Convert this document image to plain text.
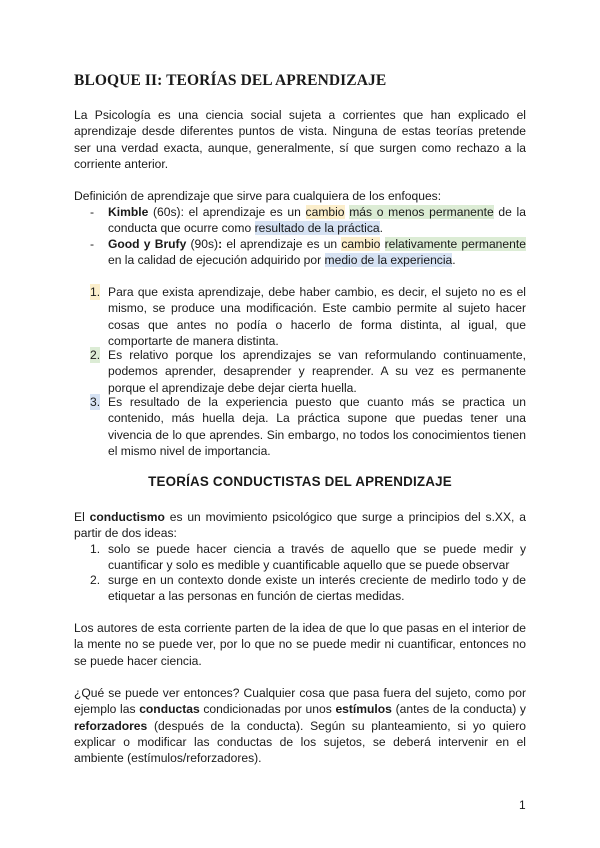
BLOQUE II: TEORÍAS DEL APRENDIZAJE

La Psicología es una ciencia social sujeta a corrientes que han explicado el aprendizaje desde diferentes puntos de vista. Ninguna de estas teorías pretende ser una verdad exacta, aunque, generalmente, sí que surgen como rechazo a la corriente anterior.

Definición de aprendizaje que sirve para cualquiera de los enfoques:

- Kimble (60s): el aprendizaje es un cambio más o menos permanente de la conducta que ocurre como resultado de la práctica.
- Good y Brufy (90s): el aprendizaje es un cambio relativamente permanente en la calidad de ejecución adquirido por medio de la experiencia.
1. Para que exista aprendizaje, debe haber cambio, es decir, el sujeto no es el mismo, se produce una modificación. Este cambio permite al sujeto hacer cosas que antes no podía o hacerlo de forma distinta, al igual, que comportarte de manera distinta.
2. Es relativo porque los aprendizajes se van reformulando continuamente, podemos aprender, desaprender y reaprender. A su vez es permanente porque el aprendizaje debe dejar cierta huella.
3. Es resultado de la experiencia puesto que cuanto más se practica un contenido, más huella deja. La práctica supone que puedas tener una vivencia de lo que aprendes. Sin embargo, no todos los conocimientos tienen el mismo nivel de importancia.
TEORÍAS CONDUCTISTAS DEL APRENDIZAJE

El conductismo es un movimiento psicológico que surge a principios del s.XX, a partir de dos ideas:

1. solo se puede hacer ciencia a través de aquello que se puede medir y cuantificar y solo es medible y cuantificable aquello que se puede observar
2. surge en un contexto donde existe un interés creciente de medirlo todo y de etiquetar a las personas en función de ciertas medidas.

Los autores de esta corriente parten de la idea de que lo que pasas en el interior de la mente no se puede ver, por lo que no se puede medir ni cuantificar, entonces no se puede hacer ciencia.

¿Qué se puede ver entonces? Cualquier cosa que pasa fuera del sujeto, como por ejemplo las conductas condicionadas por unos estímulos (antes de la conducta) y reforzadores (después de la conducta). Según su planteamiento, si yo quiero explicar o modificar las conductas de los sujetos, se deberá intervenir en el ambiente (estímulos/reforzadores).

1
